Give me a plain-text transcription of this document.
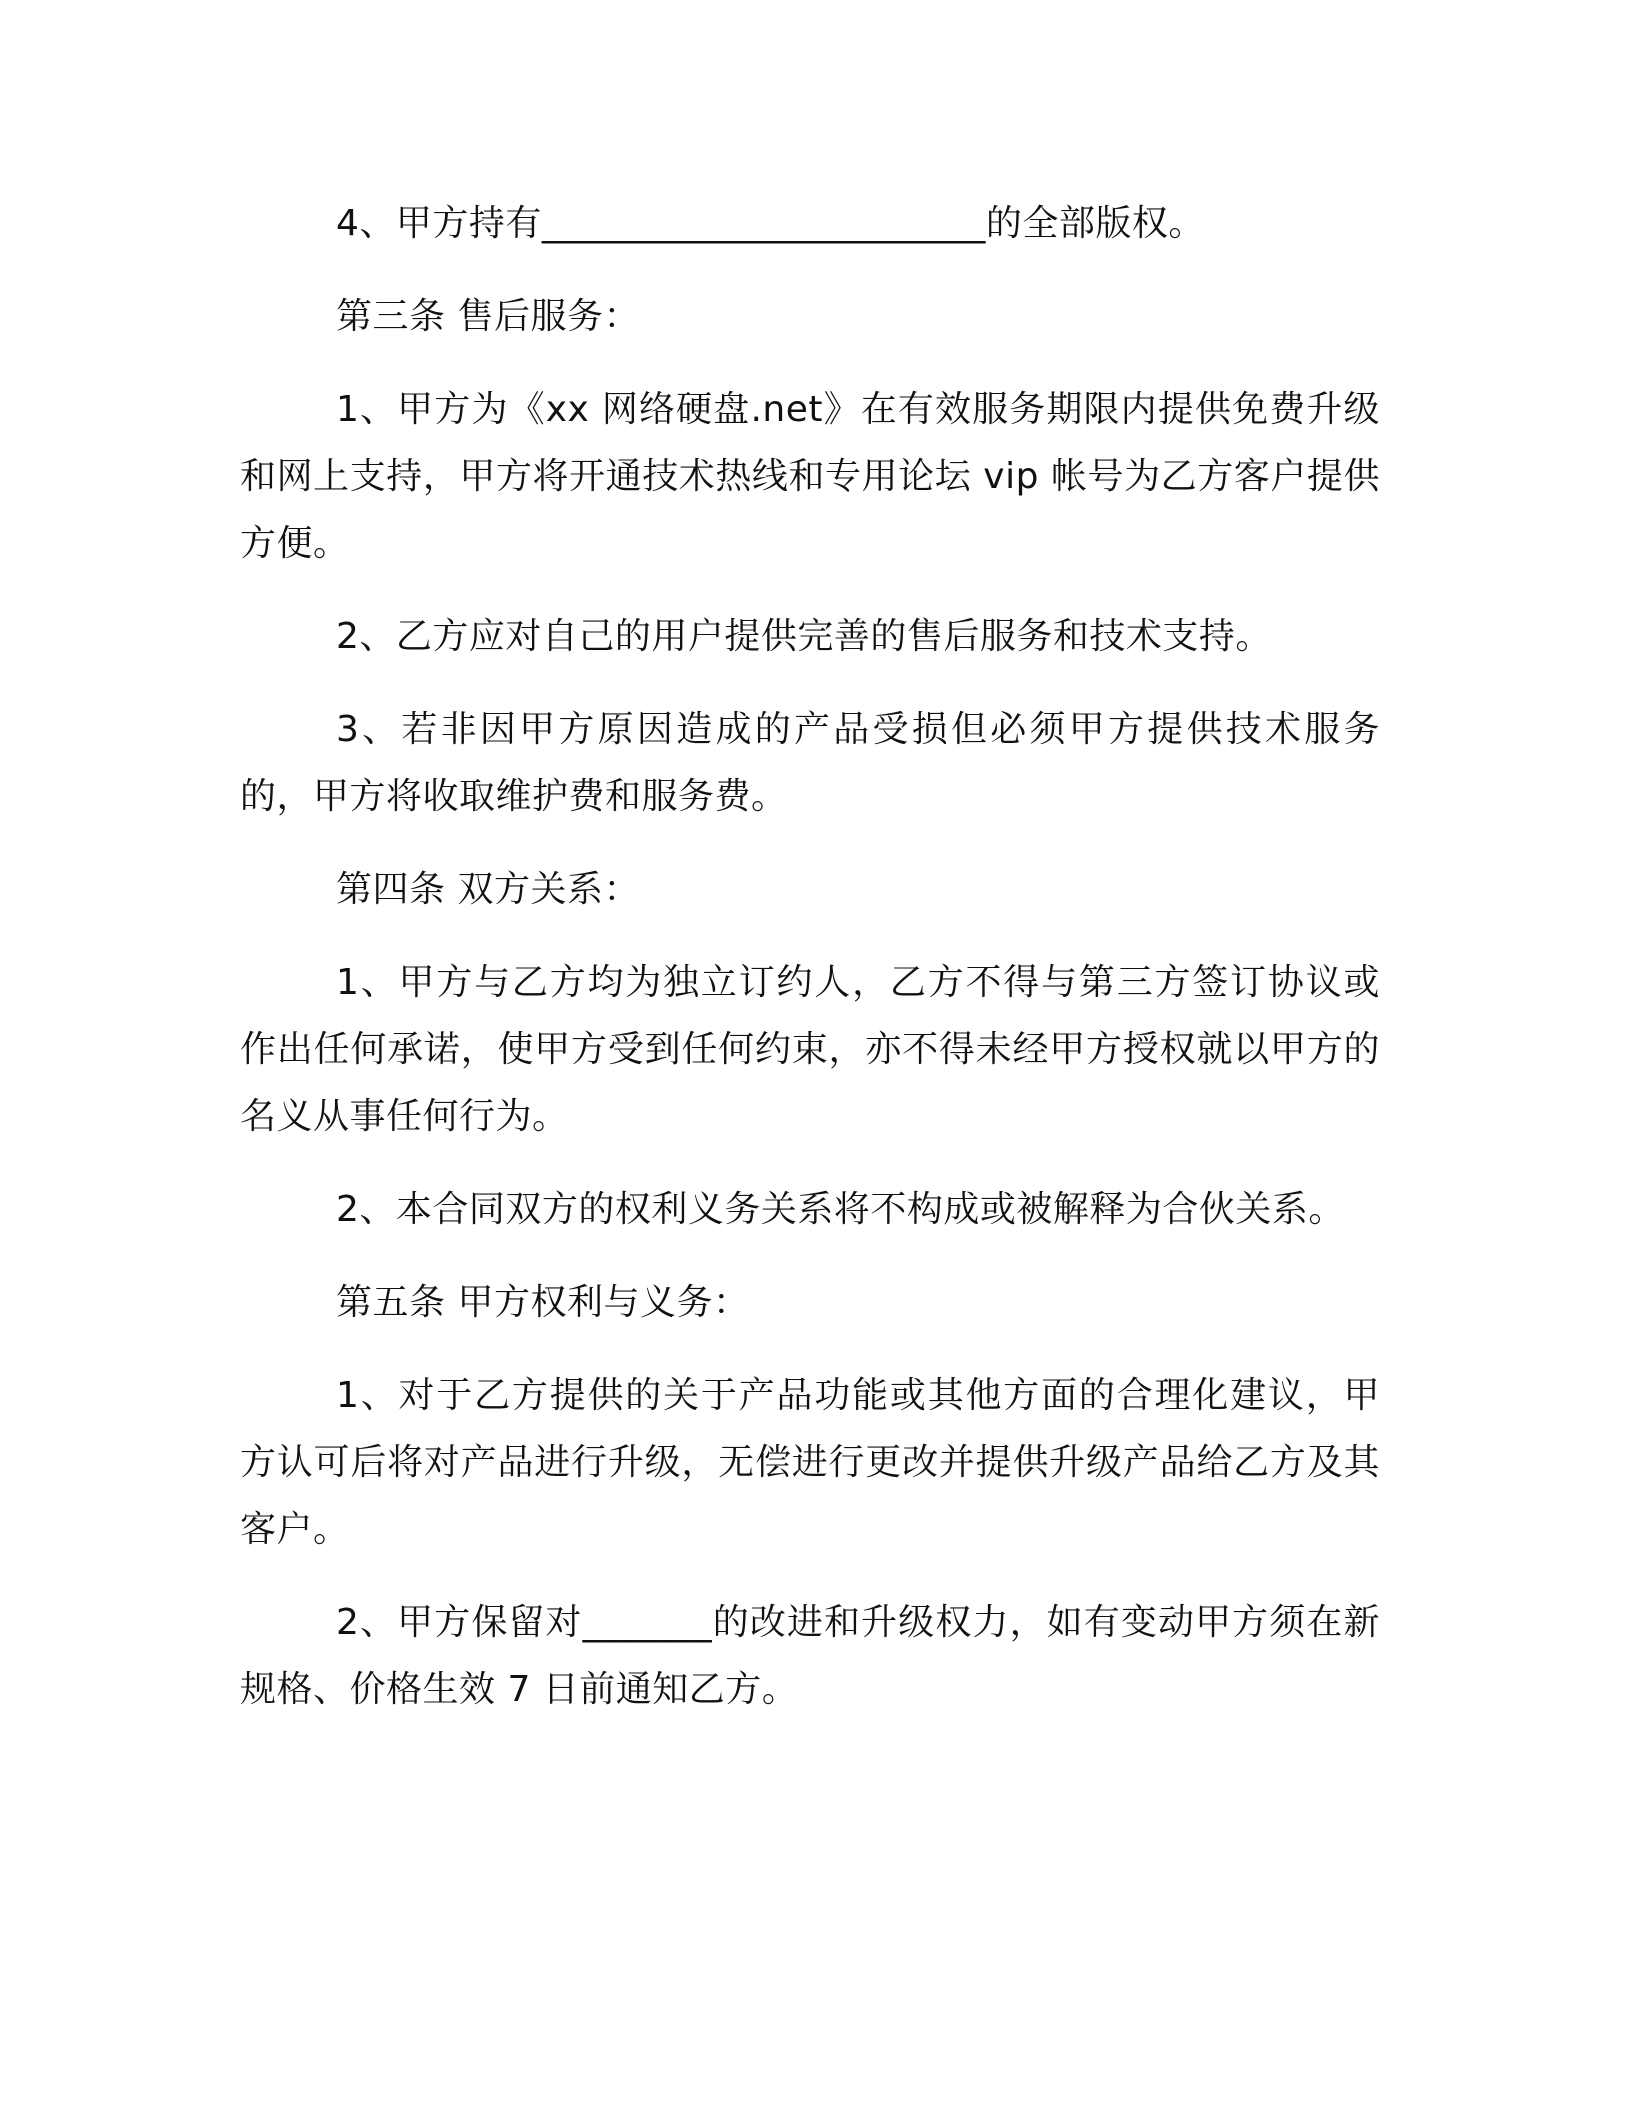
4、甲方持有________________________的全部版权。

第三条 售后服务：

1、甲方为《xx 网络硬盘.net》在有效服务期限内提供免费升级和网上支持，甲方将开通技术热线和专用论坛 vip 帐号为乙方客户提供方便。

2、乙方应对自己的用户提供完善的售后服务和技术支持。

3、若非因甲方原因造成的产品受损但必须甲方提供技术服务的，甲方将收取维护费和服务费。

第四条 双方关系：

1、甲方与乙方均为独立订约人，乙方不得与第三方签订协议或作出任何承诺，使甲方受到任何约束，亦不得未经甲方授权就以甲方的名义从事任何行为。

2、本合同双方的权利义务关系将不构成或被解释为合伙关系。

第五条 甲方权利与义务：

1、对于乙方提供的关于产品功能或其他方面的合理化建议，甲方认可后将对产品进行升级，无偿进行更改并提供升级产品给乙方及其客户。

2、甲方保留对_______的改进和升级权力，如有变动甲方须在新规格、价格生效 7 日前通知乙方。
